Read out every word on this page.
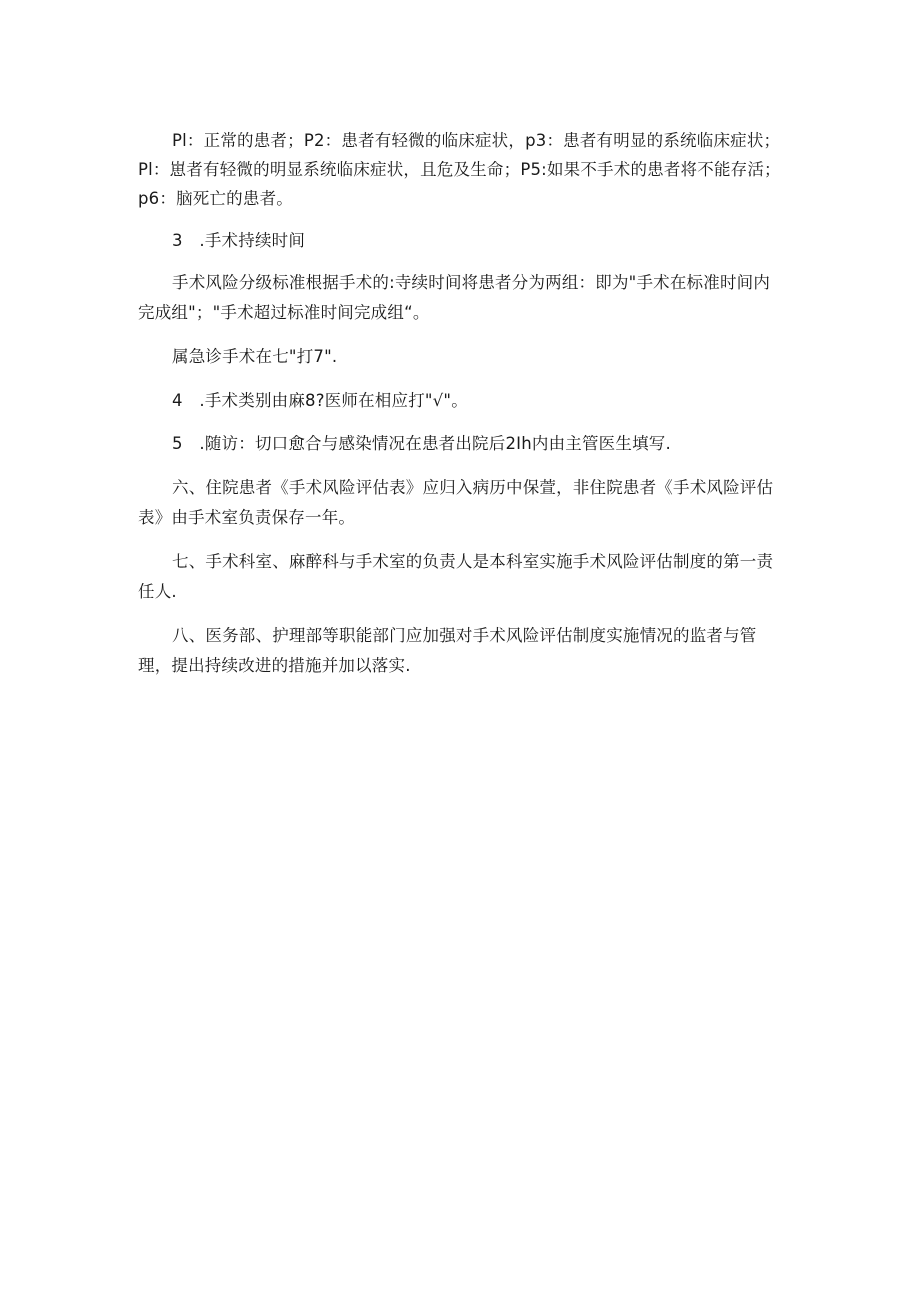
Pl：正常的患者；P2：患者有轻微的临床症状，p3：患者有明显的系统临床症状；
Pl：崽者有轻微的明显系统临床症状，且危及生命；P5:如果不手术的患者将不能存活；
p6：脑死亡的患者。
3　.手术持续时间
手术风险分级标准根据手术的:寺续时间将患者分为两组：即为"手术在标准时间内
完成组"；"手术超过标准时间完成组“。
属急诊手术在七"打7".
4　.手术类别由麻8?医师在相应打"√"。
5　.随访：切口愈合与感染情况在患者出院后2Ih内由主管医生填写.
六、住院患者《手术风险评估表》应归入病历中保萱，非住院患者《手术风险评估
表》由手术室负责保存一年。
七、手术科室、麻醉科与手术室的负责人是本科室实施手术风险评估制度的第一责
任人.
八、医务部、护理部等职能部门应加强对手术风险评估制度实施情况的监者与管
理，提出持续改进的措施并加以落实.
